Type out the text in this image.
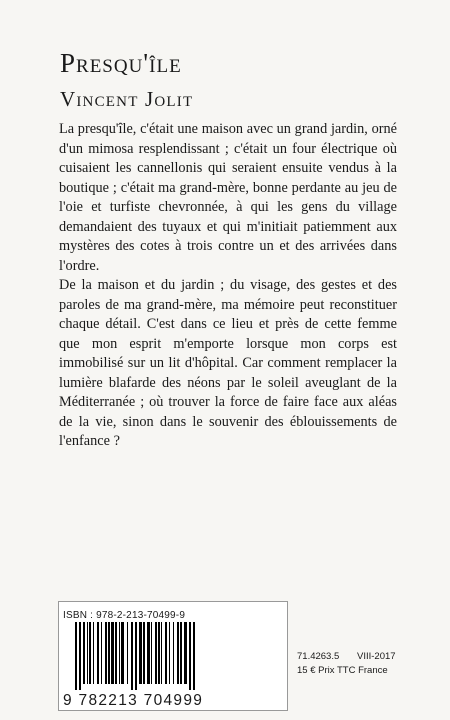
Presqu'île
Vincent Jolit

La presqu'île, c'était une maison avec un grand jardin, orné d'un mimosa resplendissant ; c'était un four électrique où cuisaient les cannellonis qui seraient ensuite vendus à la boutique ; c'était ma grand-mère, bonne perdante au jeu de l'oie et turfiste chevronnée, à qui les gens du village demandaient des tuyaux et qui m'initiait patiemment aux mystères des cotes à trois contre un et des arrivées dans l'ordre.

De la maison et du jardin ; du visage, des gestes et des paroles de ma grand-mère, ma mémoire peut reconstituer chaque détail. C'est dans ce lieu et près de cette femme que mon esprit m'emporte lorsque mon corps est immobilisé sur un lit d'hôpital. Car comment remplacer la lumière blafarde des néons par le soleil aveuglant de la Méditerranée ; où trouver la force de faire face aux aléas de la vie, sinon dans le souvenir des éblouissements de l'enfance ?

ISBN : 978-2-213-70499-9
9 782213 704999
71.4263.5 VIII-2017
15 € Prix TTC France
